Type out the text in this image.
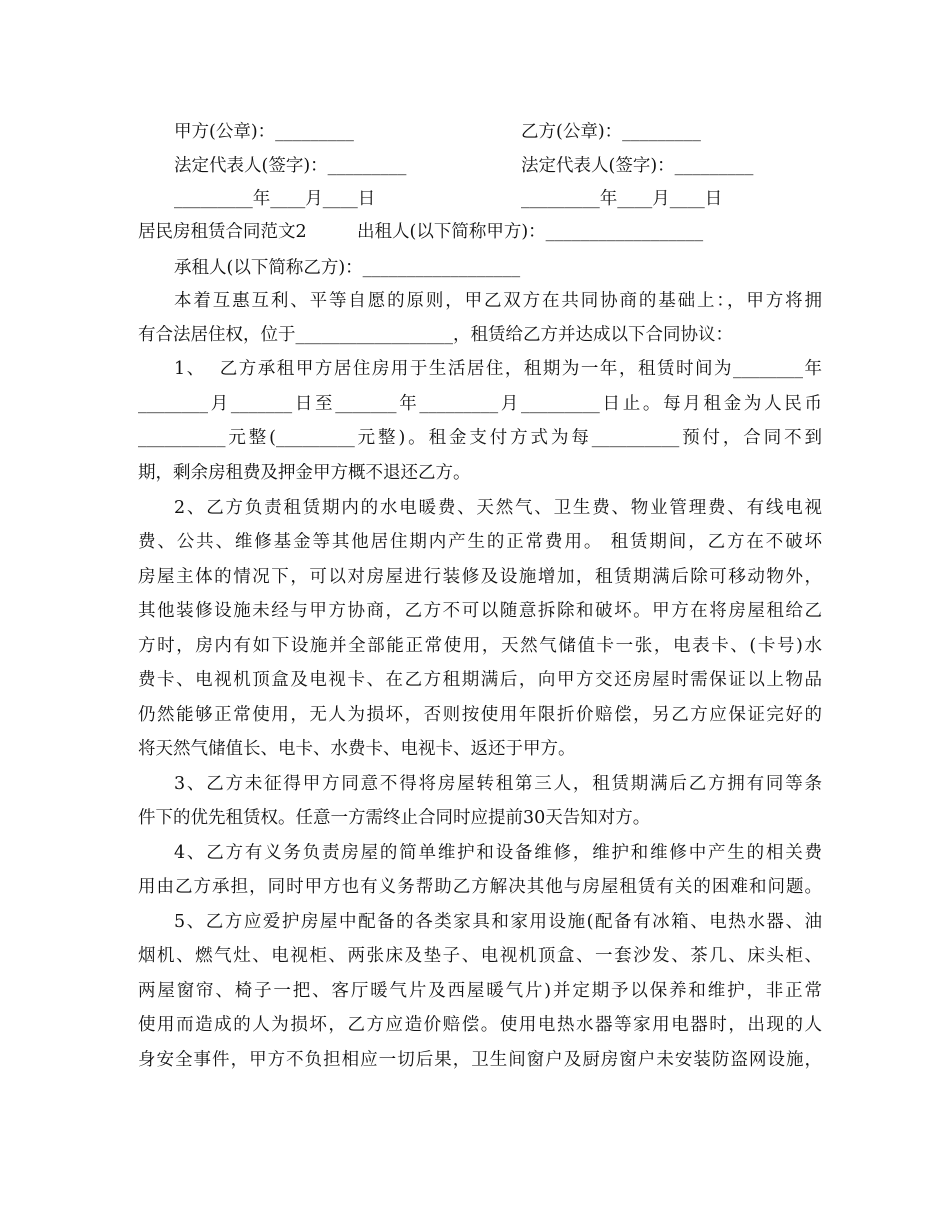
甲方(公章)：_________	乙方(公章)：_________
法定代表人(签字)：_________	法定代表人(签字)：_________
_________年____月____日	_________年____月____日
居民房租赁合同范文2	出租人(以下简称甲方)：__________________
承租人(以下简称乙方)：__________________
本着互惠互利、平等自愿的原则，甲乙双方在共同协商的基础上：，甲方将拥
有合法居住权，位于__________________，租赁给乙方并达成以下合同协议：
1、  乙方承租甲方居住房用于生活居住，租期为一年，租赁时间为________年
________月_______日至_______年_________月_________日止。每月租金为人民币
__________元整(_________元整)。租金支付方式为每__________预付，合同不到
期，剩余房租费及押金甲方概不退还乙方。
2、乙方负责租赁期内的水电暖费、天然气、卫生费、物业管理费、有线电视
费、公共、维修基金等其他居住期内产生的正常费用。 租赁期间，乙方在不破坏
房屋主体的情况下，可以对房屋进行装修及设施增加，租赁期满后除可移动物外，
其他装修设施未经与甲方协商，乙方不可以随意拆除和破坏。甲方在将房屋租给乙
方时，房内有如下设施并全部能正常使用，天然气储值卡一张，电表卡、(卡号)水
费卡、电视机顶盒及电视卡、在乙方租期满后，向甲方交还房屋时需保证以上物品
仍然能够正常使用，无人为损坏，否则按使用年限折价赔偿，另乙方应保证完好的
将天然气储值长、电卡、水费卡、电视卡、返还于甲方。
3、乙方未征得甲方同意不得将房屋转租第三人，租赁期满后乙方拥有同等条
件下的优先租赁权。任意一方需终止合同时应提前30天告知对方。
4、乙方有义务负责房屋的简单维护和设备维修，维护和维修中产生的相关费
用由乙方承担，同时甲方也有义务帮助乙方解决其他与房屋租赁有关的困难和问题。
5、乙方应爱护房屋中配备的各类家具和家用设施(配备有冰箱、电热水器、油
烟机、燃气灶、电视柜、两张床及垫子、电视机顶盒、一套沙发、茶几、床头柜、
两屋窗帘、椅子一把、客厅暖气片及西屋暖气片)并定期予以保养和维护，非正常
使用而造成的人为损坏，乙方应造价赔偿。使用电热水器等家用电器时，出现的人
身安全事件，甲方不负担相应一切后果，卫生间窗户及厨房窗户未安装防盗网设施，
